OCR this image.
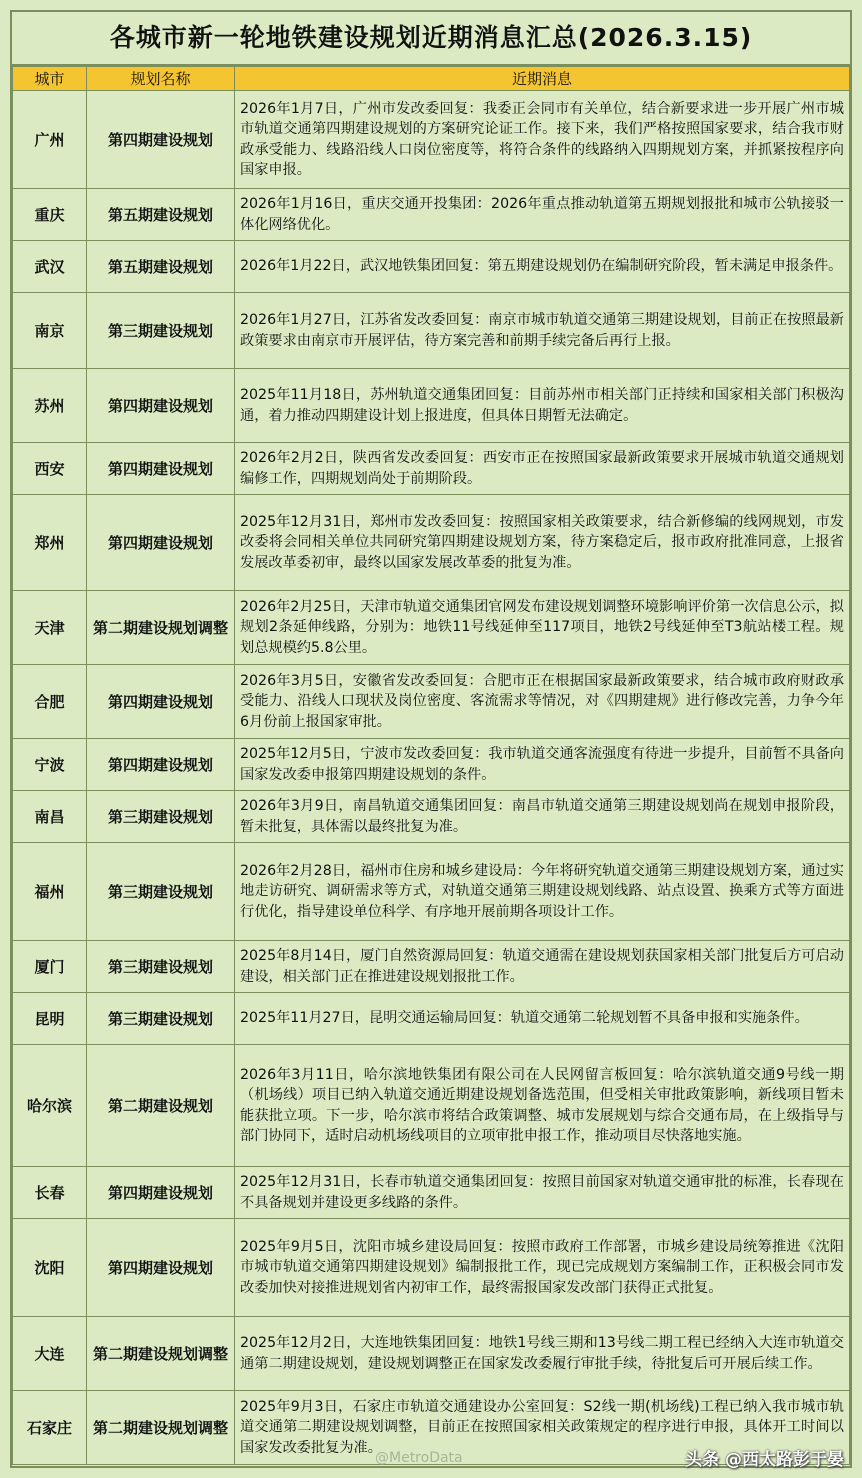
各城市新一轮地铁建设规划近期消息汇总(2026.3.15)
城市	规划名称	近期消息
广州	第四期建设规划	2026年1月7日，广州市发改委回复：我委正会同市有关单位，结合新要求进一步开展广州市城市轨道交通第四期建设规划的方案研究论证工作。接下来，我们严格按照国家要求，结合我市财政承受能力、线路沿线人口岗位密度等，将符合条件的线路纳入四期规划方案，并抓紧按程序向国家申报。
重庆	第五期建设规划	2026年1月16日，重庆交通开投集团：2026年重点推动轨道第五期规划报批和城市公轨接驳一体化网络优化。
武汉	第五期建设规划	2026年1月22日，武汉地铁集团回复：第五期建设规划仍在编制研究阶段，暂未满足申报条件。
南京	第三期建设规划	2026年1月27日，江苏省发改委回复：南京市城市轨道交通第三期建设规划，目前正在按照最新政策要求由南京市开展评估，待方案完善和前期手续完备后再行上报。
苏州	第四期建设规划	2025年11月18日，苏州轨道交通集团回复：目前苏州市相关部门正持续和国家相关部门积极沟通，着力推动四期建设计划上报进度，但具体日期暂无法确定。
西安	第四期建设规划	2026年2月2日，陕西省发改委回复：西安市正在按照国家最新政策要求开展城市轨道交通规划编修工作，四期规划尚处于前期阶段。
郑州	第四期建设规划	2025年12月31日，郑州市发改委回复：按照国家相关政策要求，结合新修编的线网规划，市发改委将会同相关单位共同研究第四期建设规划方案，待方案稳定后，报市政府批准同意，上报省发展改革委初审，最终以国家发展改革委的批复为准。
天津	第二期建设规划调整	2026年2月25日，天津市轨道交通集团官网发布建设规划调整环境影响评价第一次信息公示，拟规划2条延伸线路，分别为：地铁11号线延伸至117项目，地铁2号线延伸至T3航站楼工程。规划总规模约5.8公里。
合肥	第四期建设规划	2026年3月5日，安徽省发改委回复：合肥市正在根据国家最新政策要求，结合城市政府财政承受能力、沿线人口现状及岗位密度、客流需求等情况，对《四期建规》进行修改完善，力争今年6月份前上报国家审批。
宁波	第四期建设规划	2025年12月5日，宁波市发改委回复：我市轨道交通客流强度有待进一步提升，目前暂不具备向国家发改委申报第四期建设规划的条件。
南昌	第三期建设规划	2026年3月9日，南昌轨道交通集团回复：南昌市轨道交通第三期建设规划尚在规划申报阶段，暂未批复，具体需以最终批复为准。
福州	第三期建设规划	2026年2月28日，福州市住房和城乡建设局：今年将研究轨道交通第三期建设规划方案，通过实地走访研究、调研需求等方式，对轨道交通第三期建设规划线路、站点设置、换乘方式等方面进行优化，指导建设单位科学、有序地开展前期各项设计工作。
厦门	第三期建设规划	2025年8月14日，厦门自然资源局回复：轨道交通需在建设规划获国家相关部门批复后方可启动建设，相关部门正在推进建设规划报批工作。
昆明	第三期建设规划	2025年11月27日，昆明交通运输局回复：轨道交通第二轮规划暂不具备申报和实施条件。
哈尔滨	第二期建设规划	2026年3月11日，哈尔滨地铁集团有限公司在人民网留言板回复：哈尔滨轨道交通9号线一期（机场线）项目已纳入轨道交通近期建设规划备选范围，但受相关审批政策影响，新线项目暂未能获批立项。下一步，哈尔滨市将结合政策调整、城市发展规划与综合交通布局，在上级指导与部门协同下，适时启动机场线项目的立项审批申报工作，推动项目尽快落地实施。
长春	第四期建设规划	2025年12月31日，长春市轨道交通集团回复：按照目前国家对轨道交通审批的标准，长春现在不具备规划并建设更多线路的条件。
沈阳	第四期建设规划	2025年9月5日，沈阳市城乡建设局回复：按照市政府工作部署，市城乡建设局统筹推进《沈阳市城市轨道交通第四期建设规划》编制报批工作，现已完成规划方案编制工作，正积极会同市发改委加快对接推进规划省内初审工作，最终需报国家发改部门获得正式批复。
大连	第二期建设规划调整	2025年12月2日，大连地铁集团回复：地铁1号线三期和13号线二期工程已经纳入大连市轨道交通第二期建设规划，建设规划调整正在国家发改委履行审批手续，待批复后可开展后续工作。
石家庄	第二期建设规划调整	2025年9月3日，石家庄市轨道交通建设办公室回复：S2线一期(机场线)工程已纳入我市城市轨道交通第二期建设规划调整，目前正在按照国家相关政策规定的程序进行申报，具体开工时间以国家发改委批复为准。
@MetroData	头条 @西太路彭于晏
